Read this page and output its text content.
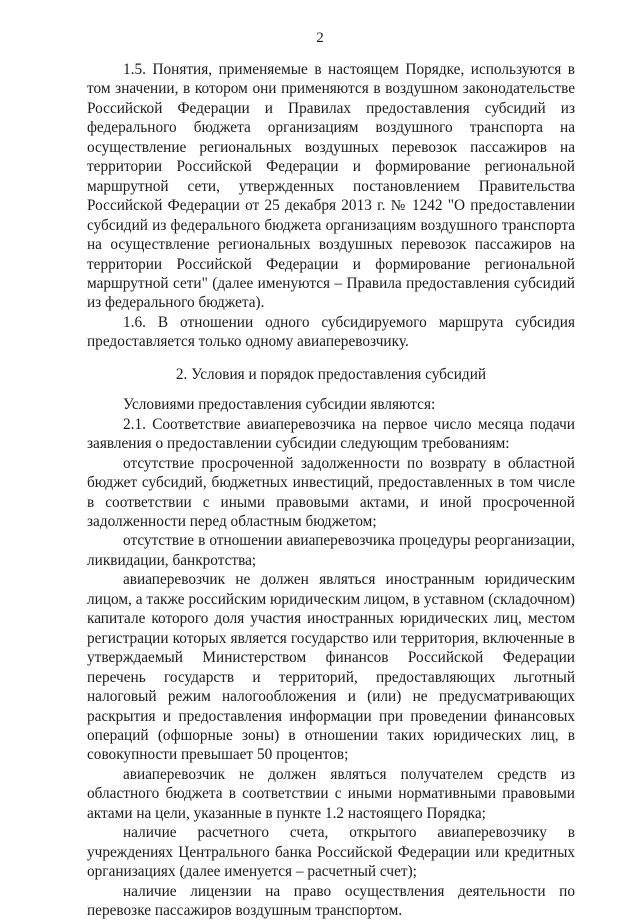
2

1.5. Понятия, применяемые в настоящем Порядке, используются в том значении, в котором они применяются в воздушном законодательстве Российской Федерации и Правилах предоставления субсидий из федерального бюджета организациям воздушного транспорта на осуществление региональных воздушных перевозок пассажиров на территории Российской Федерации и формирование региональной маршрутной сети, утвержденных постановлением Правительства Российской Федерации от 25 декабря 2013 г. № 1242 "О предоставлении субсидий из федерального бюджета организациям воздушного транспорта на осуществление региональных воздушных перевозок пассажиров на территории Российской Федерации и формирование региональной маршрутной сети" (далее именуются – Правила предоставления субсидий из федерального бюджета).

1.6. В отношении одного субсидируемого маршрута субсидия предоставляется только одному авиаперевозчику.

2. Условия и порядок предоставления субсидий

Условиями предоставления субсидии являются:

2.1. Соответствие авиаперевозчика на первое число месяца подачи заявления о предоставлении субсидии следующим требованиям:

отсутствие просроченной задолженности по возврату в областной бюджет субсидий, бюджетных инвестиций, предоставленных в том числе в соответствии с иными правовыми актами, и иной просроченной задолженности перед областным бюджетом;

отсутствие в отношении авиаперевозчика процедуры реорганизации, ликвидации, банкротства;

авиаперевозчик не должен являться иностранным юридическим лицом, а также российским юридическим лицом, в уставном (складочном) капитале которого доля участия иностранных юридических лиц, местом регистрации которых является государство или территория, включенные в утверждаемый Министерством финансов Российской Федерации перечень государств и территорий, предоставляющих льготный налоговый режим налогообложения и (или) не предусматривающих раскрытия и предоставления информации при проведении финансовых операций (офшорные зоны) в отношении таких юридических лиц, в совокупности превышает 50 процентов;

авиаперевозчик не должен являться получателем средств из областного бюджета в соответствии с иными нормативными правовыми актами на цели, указанные в пункте 1.2 настоящего Порядка;

наличие расчетного счета, открытого авиаперевозчику в учреждениях Центрального банка Российской Федерации или кредитных организациях (далее именуется – расчетный счет);

наличие лицензии на право осуществления деятельности по перевозке пассажиров воздушным транспортом.
